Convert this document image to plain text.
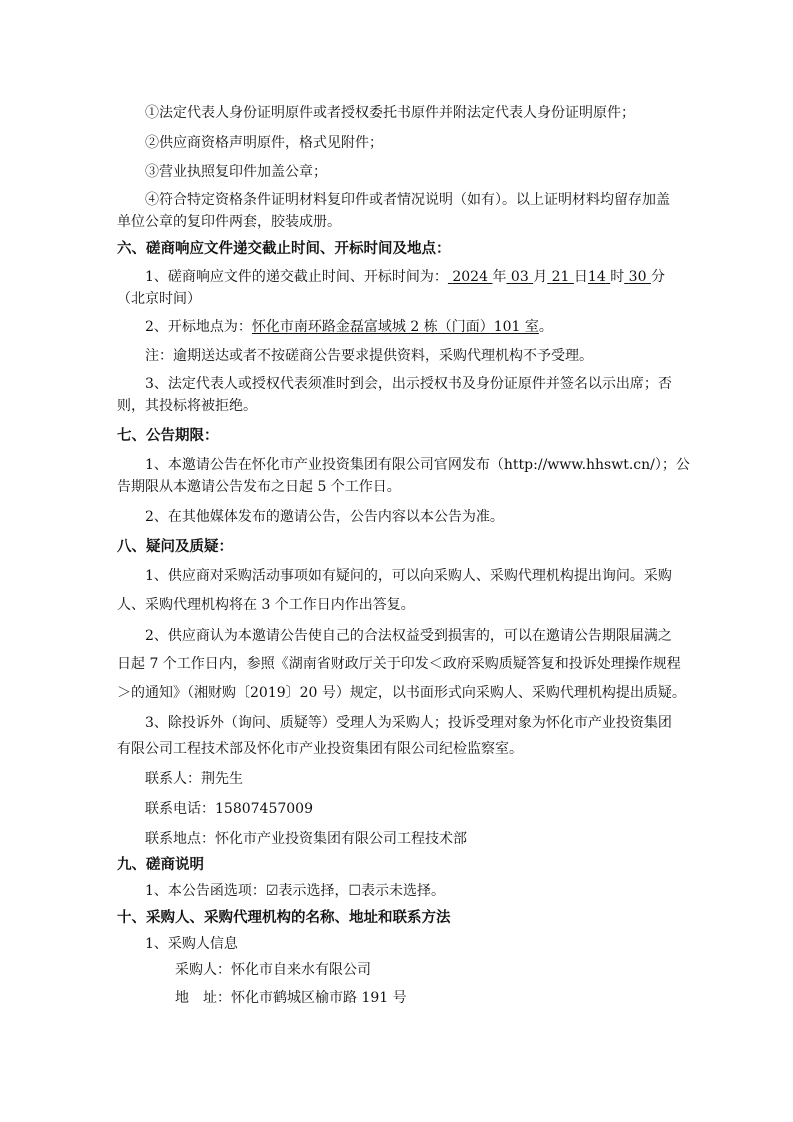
①法定代表人身份证明原件或者授权委托书原件并附法定代表人身份证明原件；
②供应商资格声明原件，格式见附件；
③营业执照复印件加盖公章；
④符合特定资格条件证明材料复印件或者情况说明（如有）。以上证明材料均留存加盖
单位公章的复印件两套，胶装成册。
六、磋商响应文件递交截止时间、开标时间及地点：
1、磋商响应文件的递交截止时间、开标时间为： 2024 年 03 月 21 日14 时 30 分
（北京时间）
2、开标地点为：怀化市南环路金磊富域城 2 栋（门面）101 室。
注：逾期送达或者不按磋商公告要求提供资料，采购代理机构不予受理。
3、法定代表人或授权代表须准时到会，出示授权书及身份证原件并签名以示出席；否
则，其投标将被拒绝。
七、公告期限：
1、本邀请公告在怀化市产业投资集团有限公司官网发布（http://www.hhswt.cn/）；公
告期限从本邀请公告发布之日起 5 个工作日。
2、在其他媒体发布的邀请公告，公告内容以本公告为准。
八、疑问及质疑：
1、供应商对采购活动事项如有疑问的，可以向采购人、采购代理机构提出询问。采购
人、采购代理机构将在 3 个工作日内作出答复。
2、供应商认为本邀请公告使自己的合法权益受到损害的，可以在邀请公告期限届满之
日起 7 个工作日内，参照《湖南省财政厅关于印发＜政府采购质疑答复和投诉处理操作规程
＞的通知》（湘财购〔2019〕20 号）规定，以书面形式向采购人、采购代理机构提出质疑。
3、除投诉外（询问、质疑等）受理人为采购人；投诉受理对象为怀化市产业投资集团
有限公司工程技术部及怀化市产业投资集团有限公司纪检监察室。
联系人：荆先生
联系电话：15807457009
联系地点：怀化市产业投资集团有限公司工程技术部
九、磋商说明
1、本公告函选项：☑表示选择，☐表示未选择。
十、采购人、采购代理机构的名称、地址和联系方法
1、采购人信息
采购人：怀化市自来水有限公司
地　址：怀化市鹤城区榆市路 191 号
